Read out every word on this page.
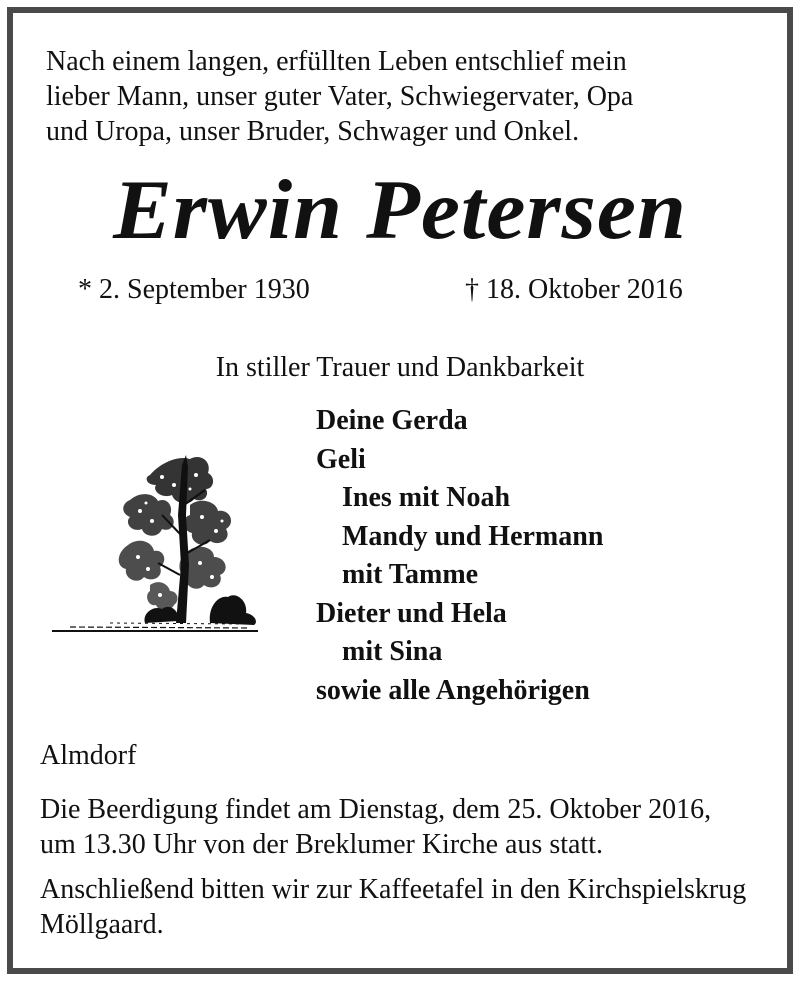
Nach einem langen, erfüllten Leben entschlief mein
lieber Mann, unser guter Vater, Schwiegervater, Opa
und Uropa, unser Bruder, Schwager und Onkel.
Erwin Petersen
* 2. September 1930	† 18. Oktober 2016
In stiller Trauer und Dankbarkeit
Deine Gerda
Geli
Ines mit Noah
Mandy und Hermann
mit Tamme
Dieter und Hela
mit Sina
sowie alle Angehörigen
Almdorf
Die Beerdigung findet am Dienstag, dem 25. Oktober 2016,
um 13.30 Uhr von der Breklumer Kirche aus statt.
Anschließend bitten wir zur Kaffeetafel in den Kirchspielskrug
Möllgaard.
